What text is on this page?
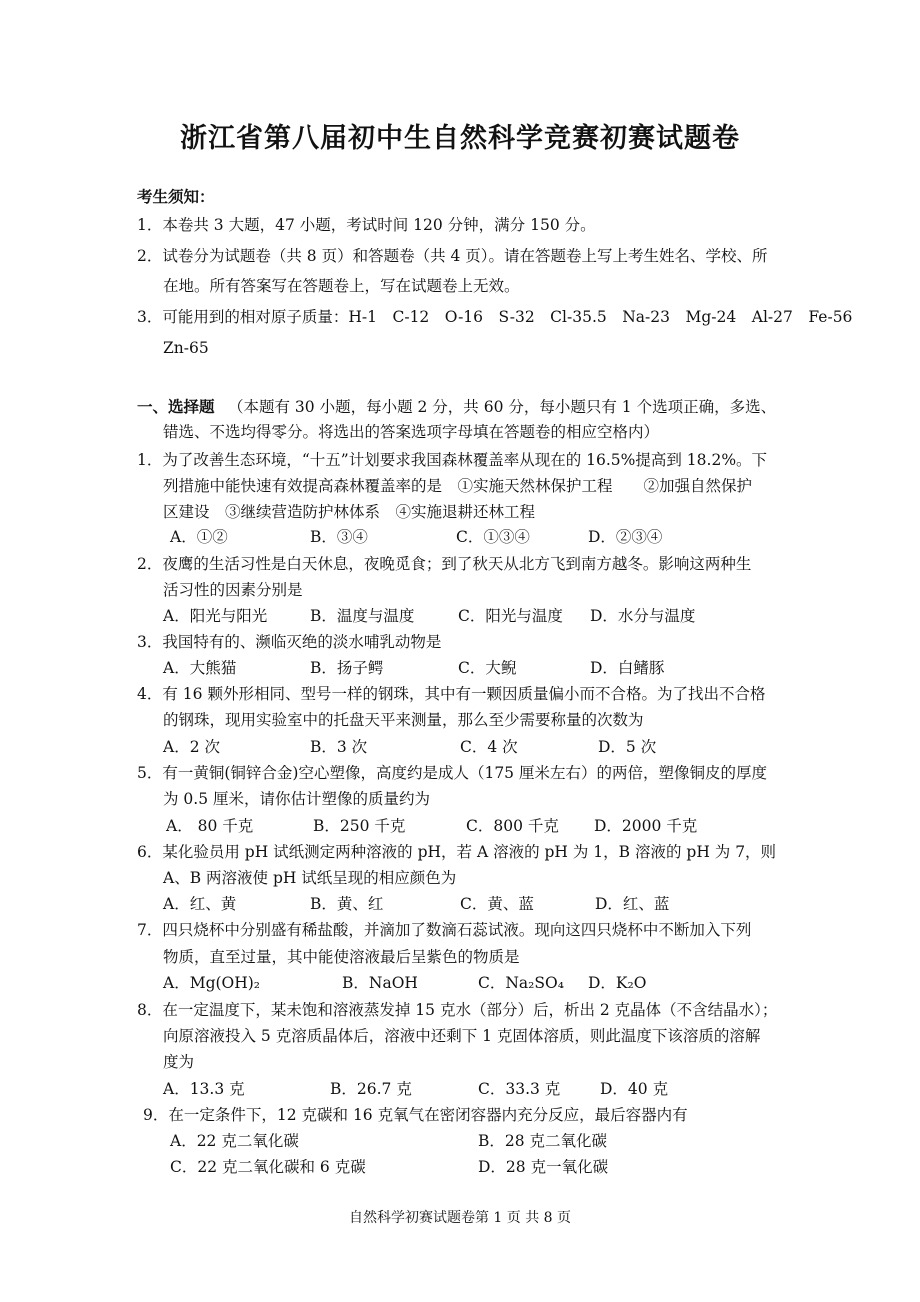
浙江省第八届初中生自然科学竞赛初赛试题卷
考生须知：
1．本卷共 3 大题，47 小题，考试时间 120 分钟，满分 150 分。
2．试卷分为试题卷（共 8 页）和答题卷（共 4 页）。请在答题卷上写上考生姓名、学校、所
在地。所有答案写在答题卷上，写在试题卷上无效。
3．可能用到的相对原子质量：H-1　C-12　O-16　S-32　Cl-35.5　Na-23　Mg-24　Al-27　Fe-56
Zn-65
一、选择题 （本题有 30 小题，每小题 2 分，共 60 分，每小题只有 1 个选项正确，多选、
错选、不选均得零分。将选出的答案选项字母填在答题卷的相应空格内）
1．为了改善生态环境，“十五”计划要求我国森林覆盖率从现在的 16.5%提高到 18.2%。下
列措施中能快速有效提高森林覆盖率的是　①实施天然林保护工程　　②加强自然保护
区建设　③继续营造防护林体系　④实施退耕还林工程
A．①②	B．③④	C．①③④	D．②③④
2．夜鹰的生活习性是白天休息，夜晚觅食；到了秋天从北方飞到南方越冬。影响这两种生
活习性的因素分别是
A．阳光与阳光	B．温度与温度	C．阳光与温度 D．水分与温度
3．我国特有的、濒临灭绝的淡水哺乳动物是
A．大熊猫	B．扬子鳄	C．大鲵	D．白鳍豚
4．有 16 颗外形相同、型号一样的钢珠，其中有一颗因质量偏小而不合格。为了找出不合格
的钢珠，现用实验室中的托盘天平来测量，那么至少需要称量的次数为
A．2 次	B．3 次	C．4 次	D．5 次
5．有一黄铜(铜锌合金)空心塑像，高度约是成人（175 厘米左右）的两倍，塑像铜皮的厚度
为 0.5 厘米，请你估计塑像的质量约为
A． 80 千克	B．250 千克	C．800 千克 D．2000 千克
6．某化验员用 pH 试纸测定两种溶液的 pH，若 A 溶液的 pH 为 1，B 溶液的 pH 为 7，则
A、B 两溶液使 pH 试纸呈现的相应颜色为
A．红、黄	B．黄、红	C．黄、蓝	D．红、蓝
7．四只烧杯中分别盛有稀盐酸，并滴加了数滴石蕊试液。现向这四只烧杯中不断加入下列
物质，直至过量，其中能使溶液最后呈紫色的物质是
A．Mg(OH)₂	B．NaOH	C．Na₂SO₄ D．K₂O
8．在一定温度下，某未饱和溶液蒸发掉 15 克水（部分）后，析出 2 克晶体（不含结晶水）；
向原溶液投入 5 克溶质晶体后，溶液中还剩下 1 克固体溶质，则此温度下该溶质的溶解
度为
A．13.3 克	B．26.7 克	C．33.3 克	D．40 克
9．在一定条件下，12 克碳和 16 克氧气在密闭容器内充分反应，最后容器内有
A．22 克二氧化碳	B．28 克二氧化碳
C．22 克二氧化碳和 6 克碳	D．28 克一氧化碳
自然科学初赛试题卷第 1 页 共 8 页
